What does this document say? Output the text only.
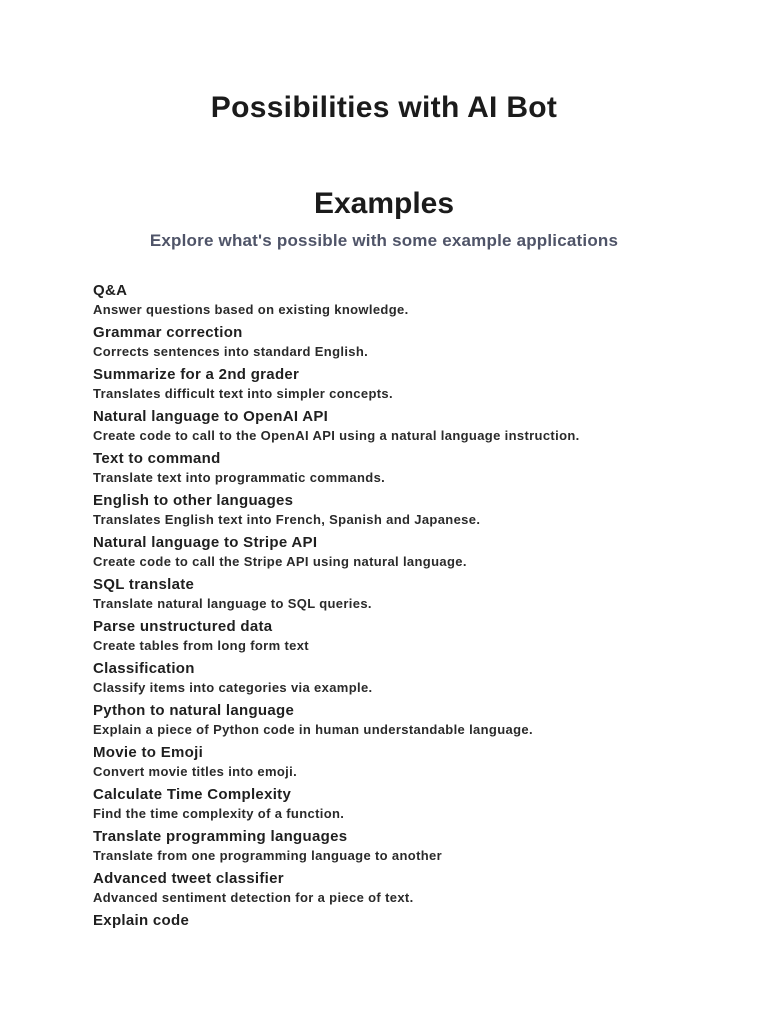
Possibilities with AI Bot
Examples

Explore what's possible with some example applications

Q&A
Answer questions based on existing knowledge.
Grammar correction
Corrects sentences into standard English.
Summarize for a 2nd grader
Translates difficult text into simpler concepts.
Natural language to OpenAI API
Create code to call to the OpenAI API using a natural language instruction.
Text to command
Translate text into programmatic commands.
English to other languages
Translates English text into French, Spanish and Japanese.
Natural language to Stripe API
Create code to call the Stripe API using natural language.
SQL translate
Translate natural language to SQL queries.
Parse unstructured data
Create tables from long form text
Classification
Classify items into categories via example.
Python to natural language
Explain a piece of Python code in human understandable language.
Movie to Emoji
Convert movie titles into emoji.
Calculate Time Complexity
Find the time complexity of a function.
Translate programming languages
Translate from one programming language to another
Advanced tweet classifier
Advanced sentiment detection for a piece of text.
Explain code
